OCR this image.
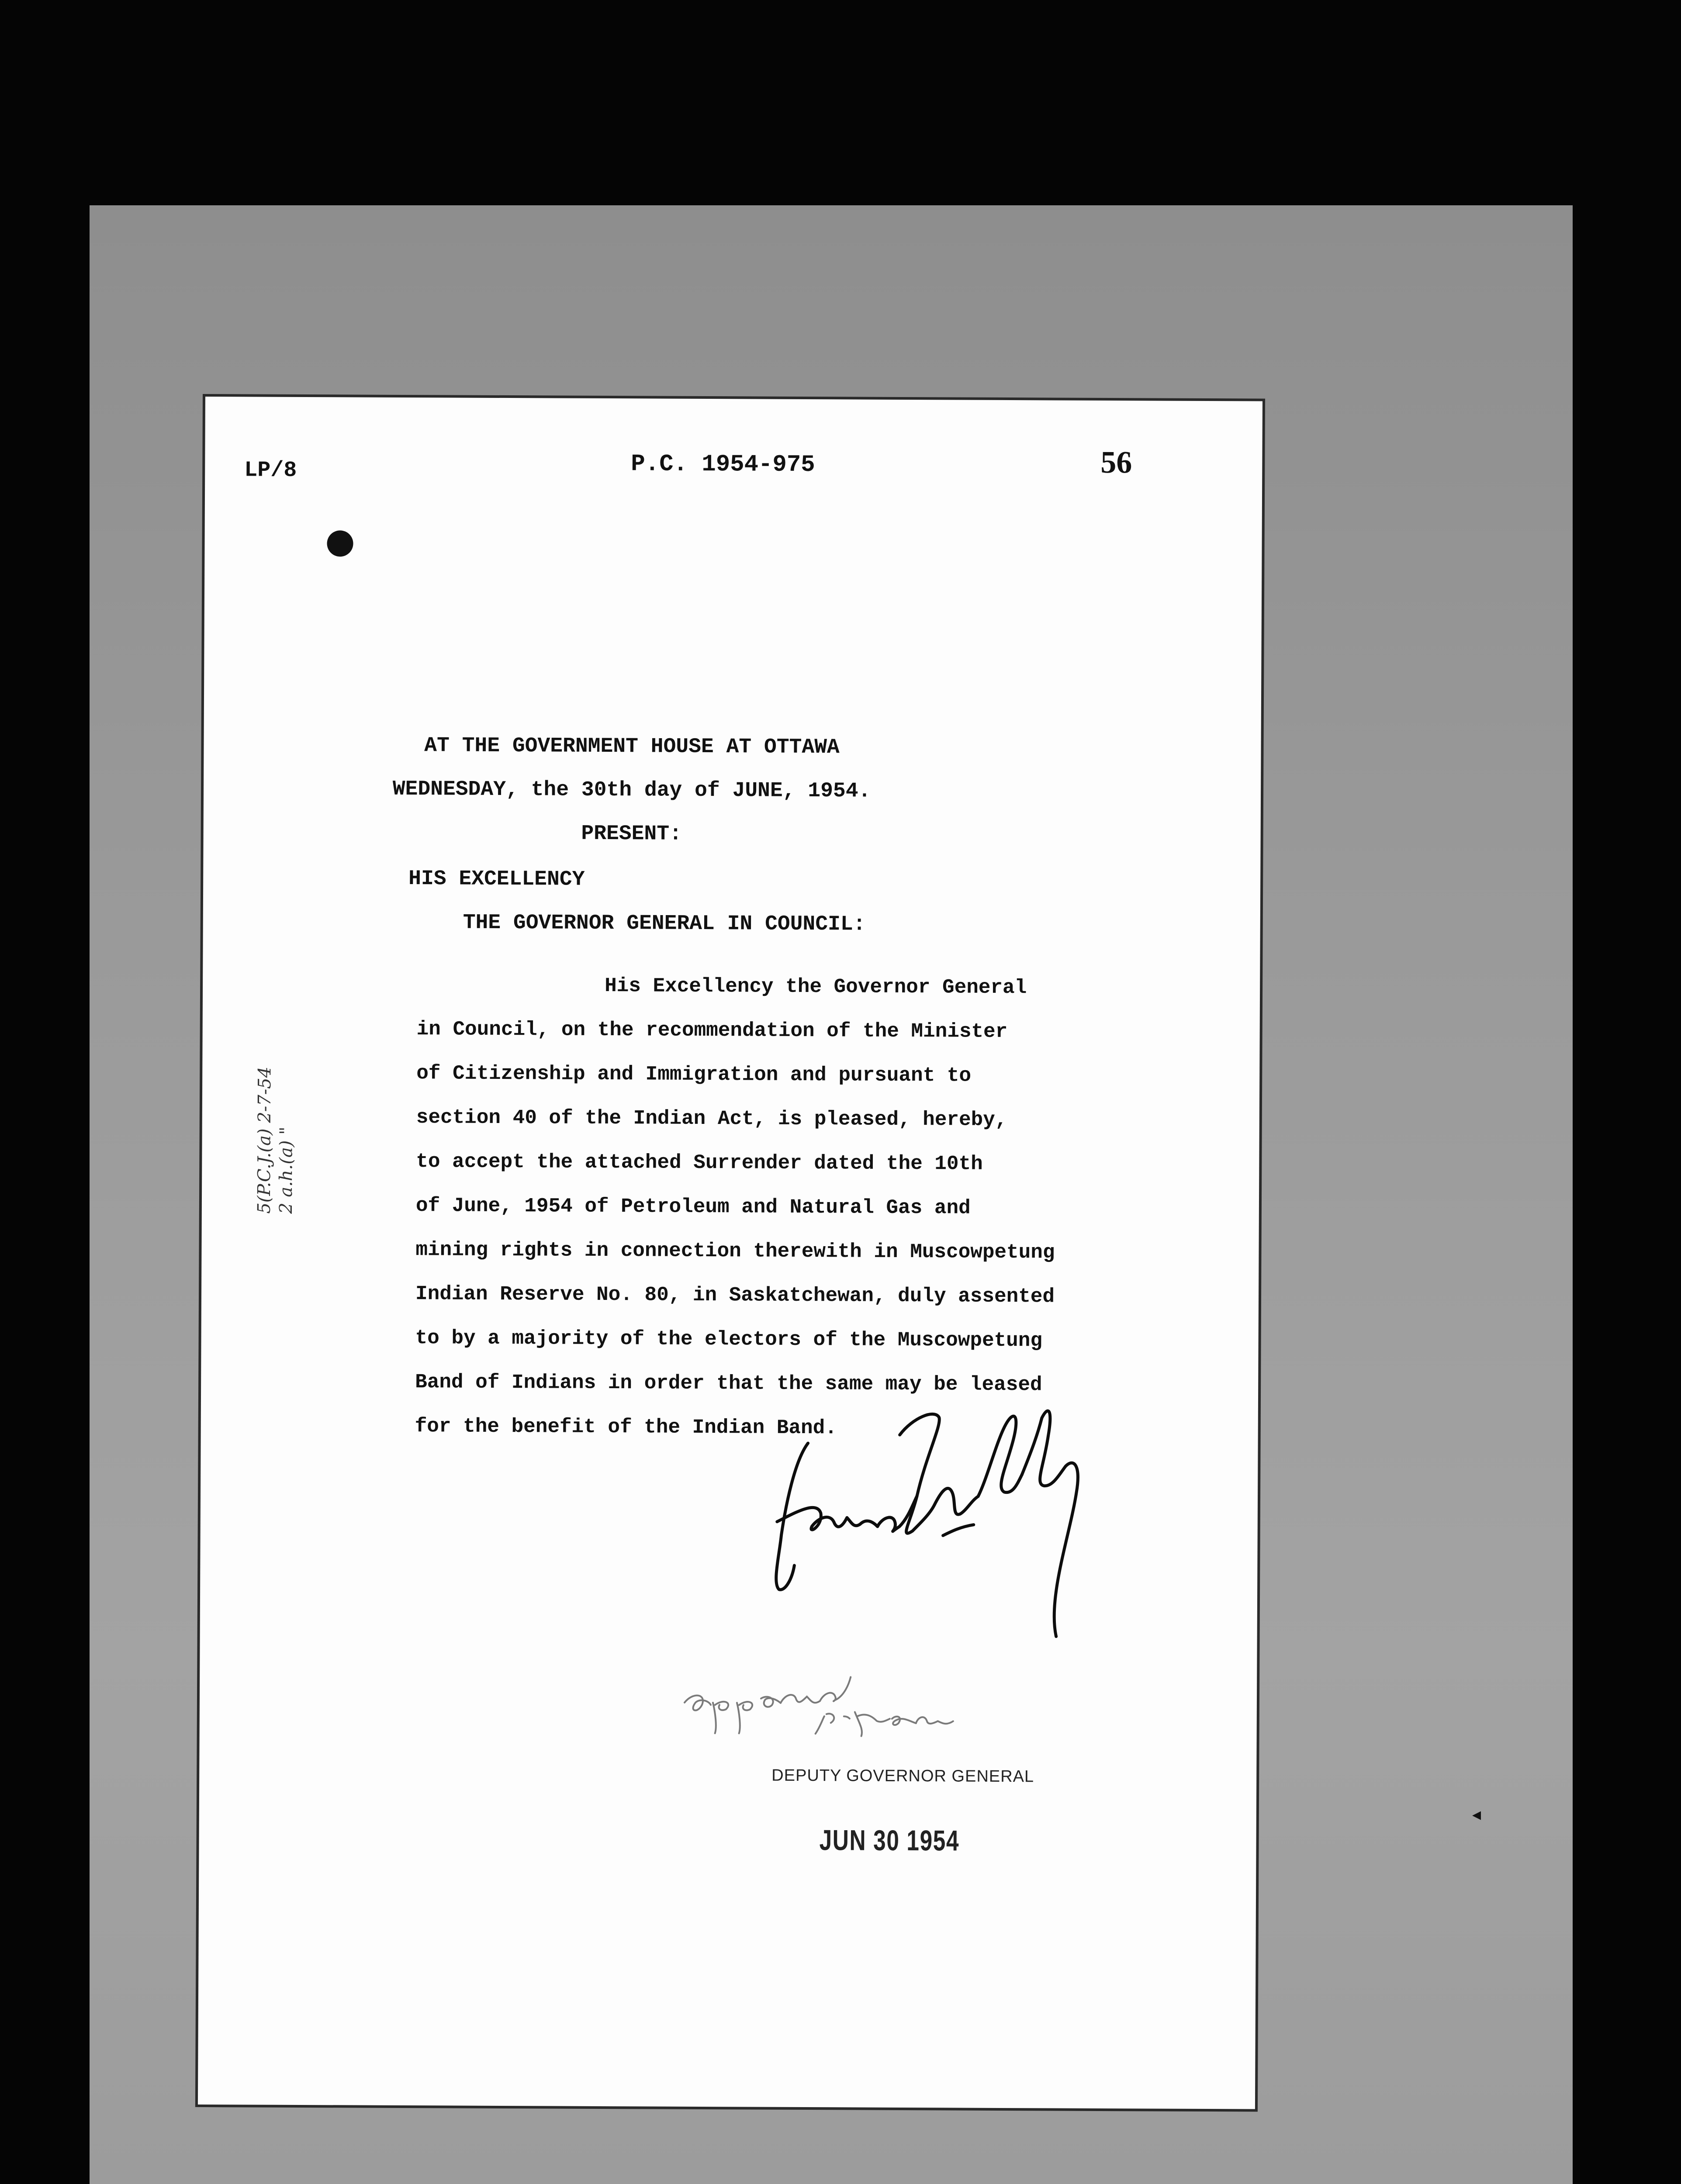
LP/8	P.C. 1954-975	56
AT THE GOVERNMENT HOUSE AT OTTAWA
WEDNESDAY, the 30th day of JUNE, 1954.
PRESENT:
HIS EXCELLENCY
THE GOVERNOR GENERAL IN COUNCIL:
His Excellency the Governor General
in Council, on the recommendation of the Minister
of Citizenship and Immigration and pursuant to
section 40 of the Indian Act, is pleased, hereby,
to accept the attached Surrender dated the 10th
of June, 1954 of Petroleum and Natural Gas and
mining rights in connection therewith in Muscowpetung
Indian Reserve No. 80, in Saskatchewan, duly assented
to by a majority of the electors of the Muscowpetung
Band of Indians in order that the same may be leased
for the benefit of the Indian Band.
5(P.C.J.(a) 2-7-54 2 a.h.(a) "
James McCann
approved P. Kenin
DEPUTY GOVERNOR GENERAL
JUN 30 1954
◂
